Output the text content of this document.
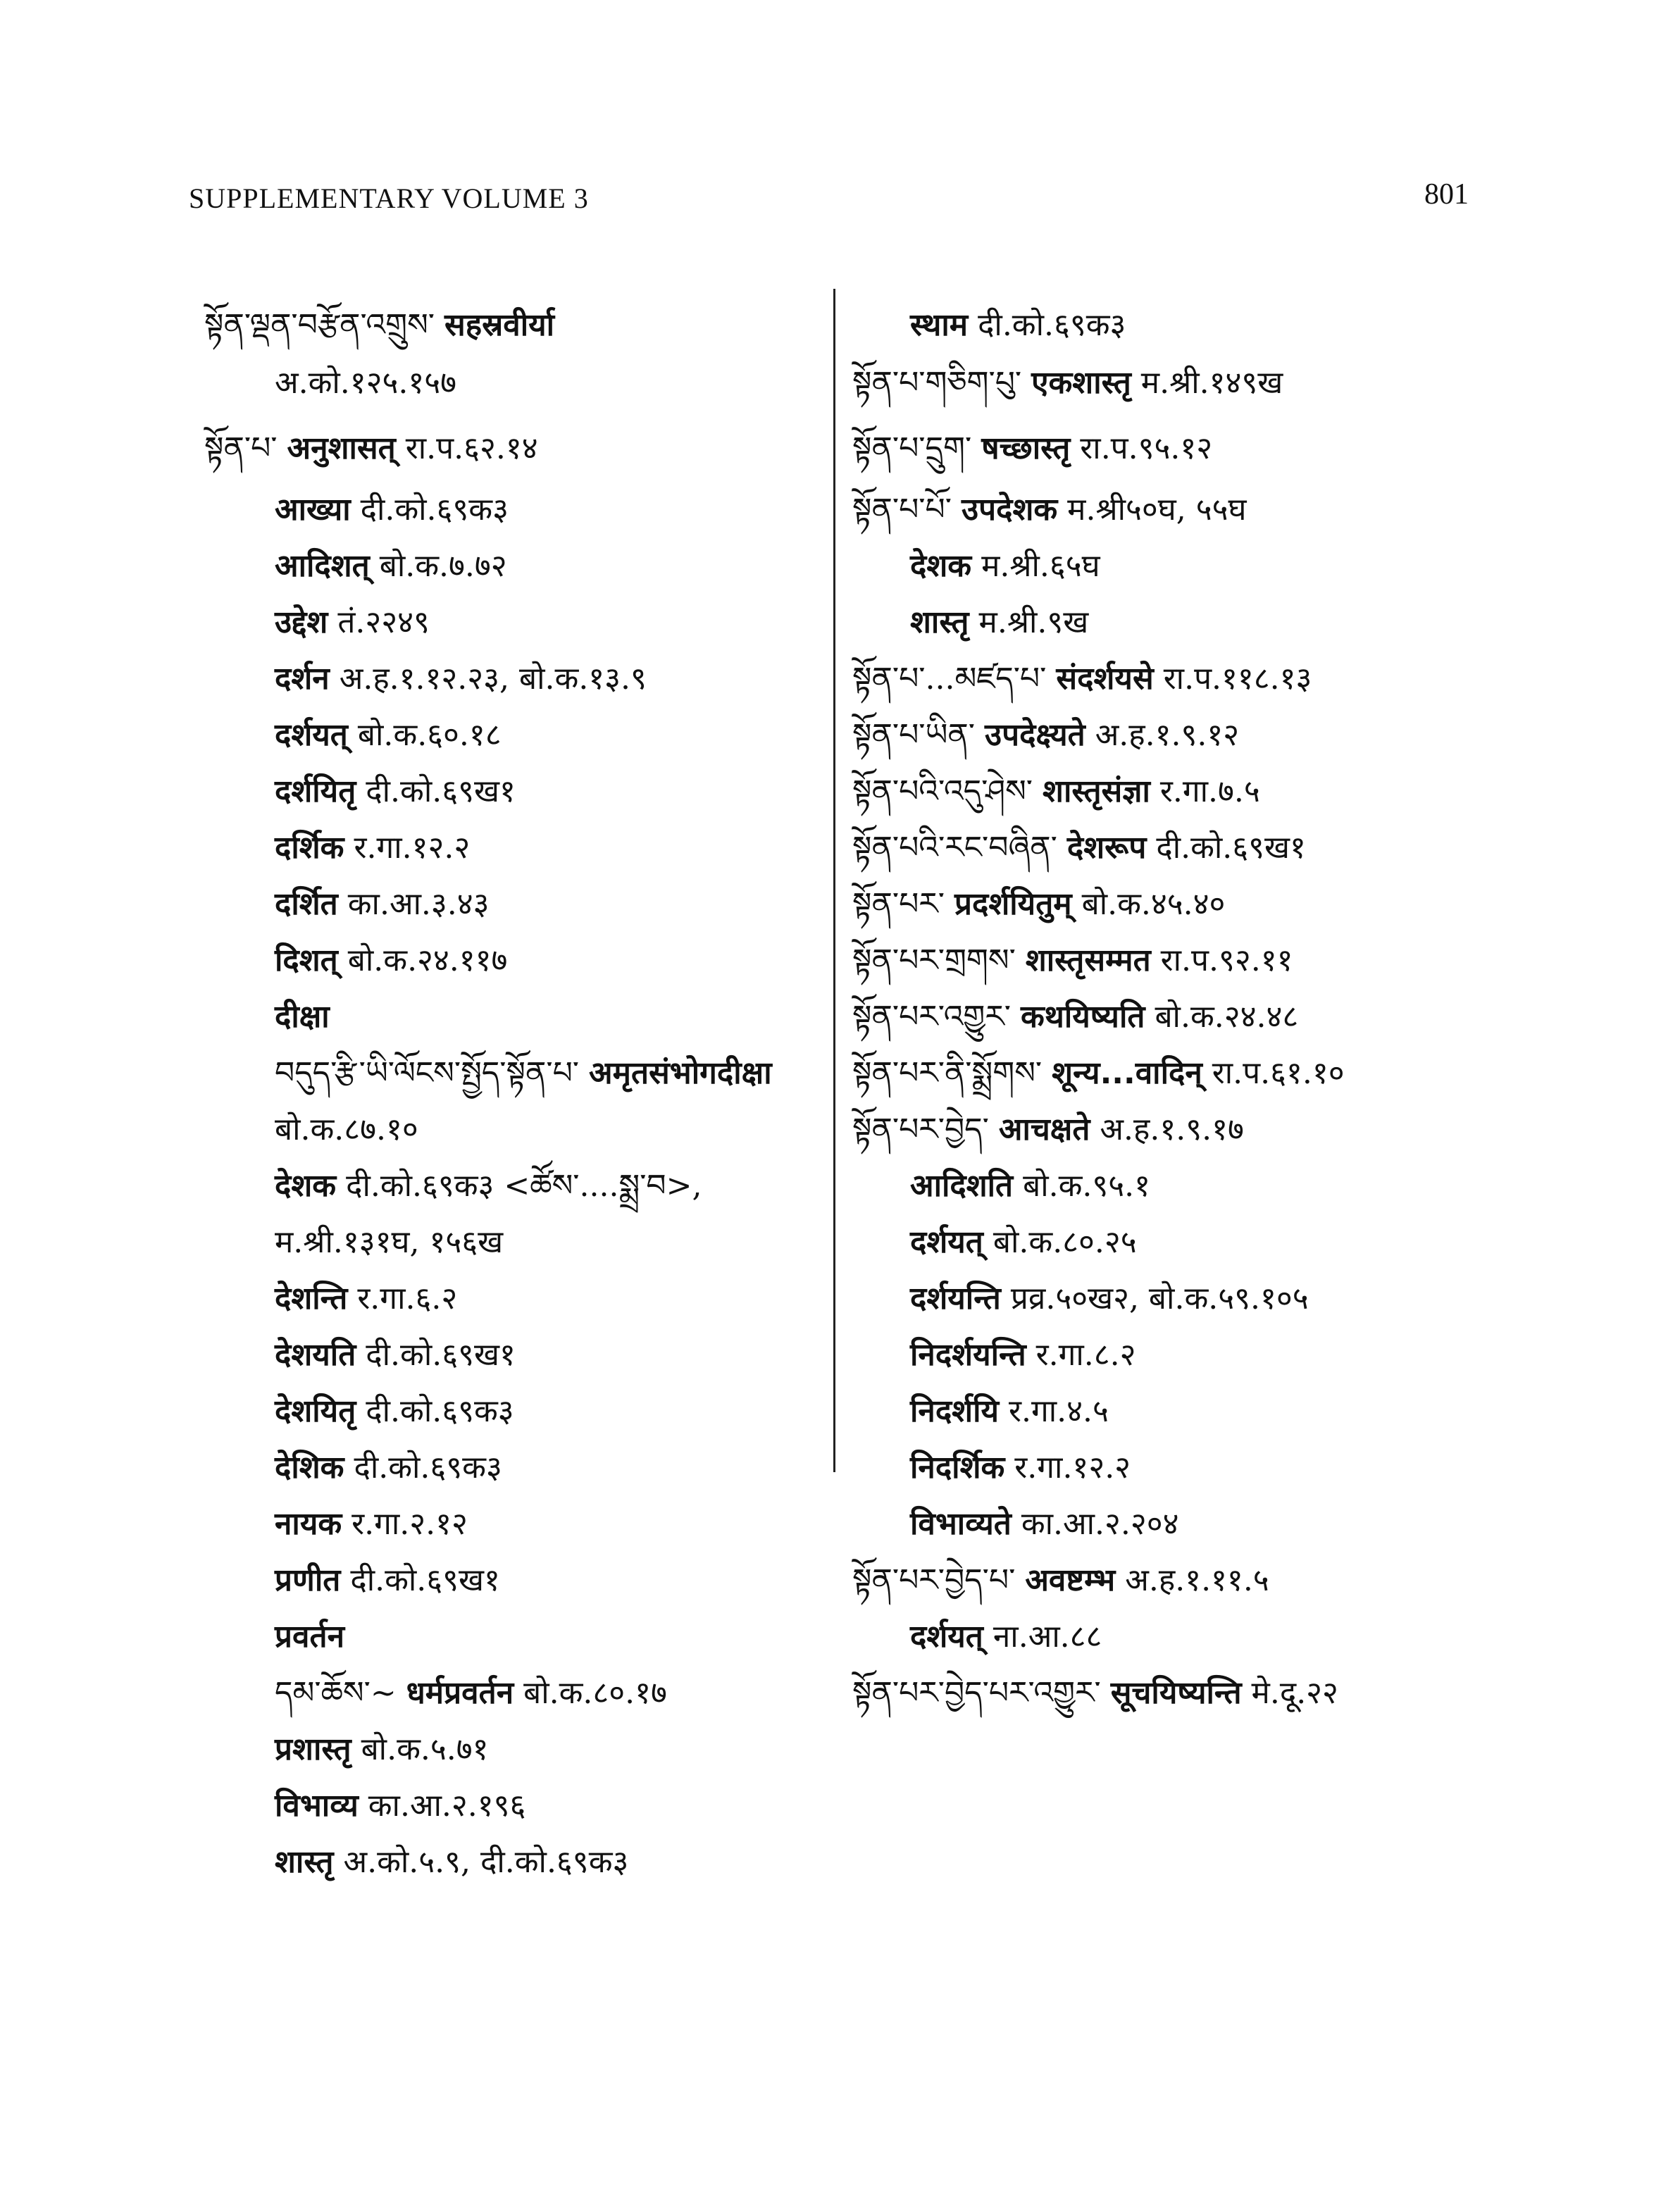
SUPPLEMENTARY VOLUME 3	801
སྟོན་ལྡན་བརྩོན་འགྲུས་ सहस्रवीर्या
अ.को.१२५.१५७
སྟོན་པ་ अनुशासत् रा.प.६२.१४
आख्या दी.को.६९क३
आदिशत् बो.क.७.७२
उद्देश तं.२२४९
दर्शन अ.ह.१.१२.२३, बो.क.१३.९
दर्शयत् बो.क.६०.१८
दर्शयितृ दी.को.६९ख१
दर्शिक र.गा.१२.२
दर्शित का.आ.३.४३
दिशत् बो.क.२४.११७
दीक्षा
བདུད་རྩི་ཡི་ལོངས་སྤྱོད་སྟོན་པ་ अमृतसंभोगदीक्षा
बो.क.८७.१०
देशक दी.को.६९क३ <ཚོས་....སྨྲ་བ>,
म.श्री.१३१घ, १५६ख
देशन्ति र.गा.६.२
देशयति दी.को.६९ख१
देशयितृ दी.को.६९क३
देशिक दी.को.६९क३
नायक र.गा.२.१२
प्रणीत दी.को.६९ख१
प्रवर्तन
དམ་ཆོས་~ धर्मप्रवर्तन बो.क.८०.१७
प्रशास्तृ बो.क.५.७१
विभाव्य का.आ.२.१९६
शास्तृ अ.को.५.९, दी.को.६९क३
स्थाम दी.को.६९क३
སྟོན་པ་གཅིག་པུ་ एकशास्तृ म.श्री.१४९ख
སྟོན་པ་དྲུག་ षच्छास्तृ रा.प.९५.१२
སྟོན་པ་པོ་ उपदेशक म.श्री५०घ, ५५घ
देशक म.श्री.६५घ
शास्तृ म.श्री.९ख
སྟོན་པ་...མཛད་པ་ संदर्शयसे रा.प.११८.१३
སྟོན་པ་ཡིན་ उपदेक्ष्यते अ.ह.१.९.१२
སྟོན་པའི་འདུ་ཤེས་ शास्तृसंज्ञा र.गा.७.५
སྟོན་པའི་རང་བཞིན་ देशरूप दी.को.६९ख१
སྟོན་པར་ प्रदर्शयितुम् बो.क.४५.४०
སྟོན་པར་གྲགས་ शास्तृसम्मत रा.प.९२.११
སྟོན་པར་འགྱུར་ कथयिष्यति बो.क.२४.४८
སྟོན་པར་ནི་སྨྲོགས་ शून्य...वादिन् रा.प.६१.१०
སྟོན་པར་བྱེད་ आचक्षते अ.ह.१.९.१७
आदिशति बो.क.९५.१
दर्शयत् बो.क.८०.२५
दर्शयन्ति प्रव्र.५०ख२, बो.क.५९.१०५
निदर्शयन्ति र.गा.८.२
निदर्शयि र.गा.४.५
निदर्शिक र.गा.१२.२
विभाव्यते का.आ.२.२०४
སྟོན་པར་བྱེད་པ་ अवष्टम्भ अ.ह.१.११.५
दर्शयत् ना.आ.८८
སྟོན་པར་བྱེད་པར་འགྱུར་ सूचयिष्यन्ति मे.दू.२२
